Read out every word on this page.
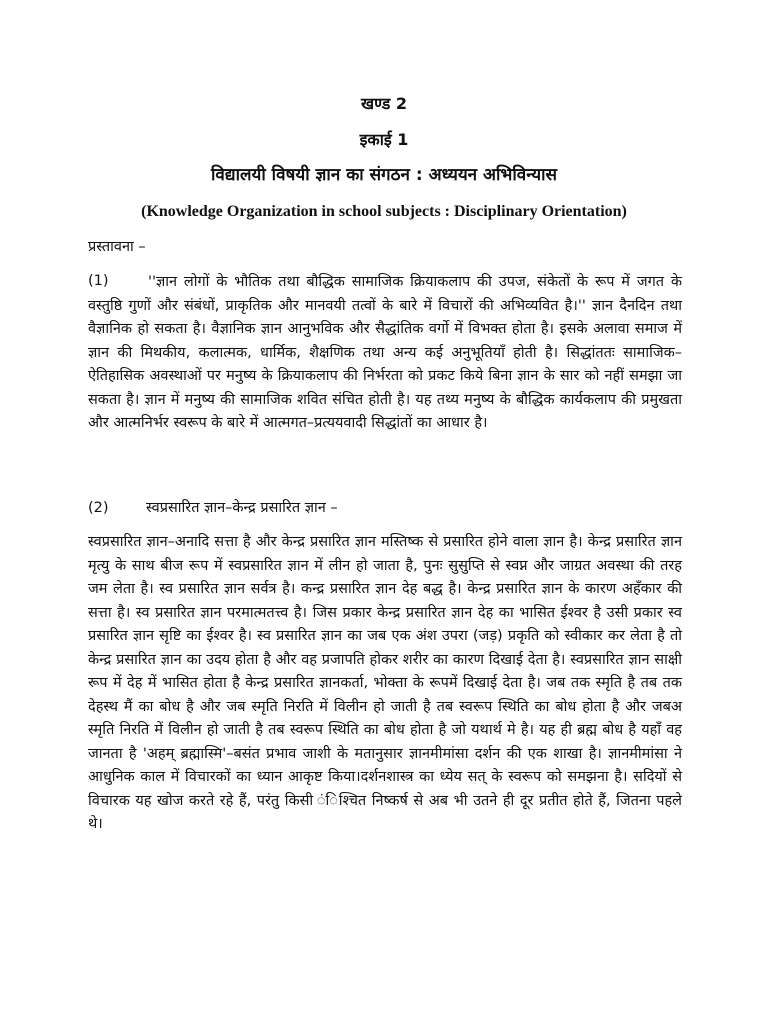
खण्ड 2

इकाई 1

विद्यालयी विषयी ज्ञान का संगठन : अध्ययन अभिविन्यास

(Knowledge Organization in school subjects : Disciplinary Orientation)

प्रस्तावना –

(1)	''ज्ञान लोगों के भौतिक तथा बौद्धिक सामाजिक क्रियाकलाप की उपज, संकेतों के रूप में जगत के वस्तुष्ठि गुणों और संबंधों, प्राकृतिक और मानवयी तत्वों के बारे में विचारों की अभिव्यवित है।'' ज्ञान दैनदिन तथा वैज्ञानिक हो सकता है। वैज्ञानिक ज्ञान आनुभविक और सैद्धांतिक वर्गो में विभक्त होता है। इसके अलावा समाज में ज्ञान की मिथकीय, कलात्मक, धार्मिक, शैक्षणिक तथा अन्य कई अनुभूतियाँ होती है। सिद्धांततः सामाजिक–ऐतिहासिक अवस्थाओं पर मनुष्य के क्रियाकलाप की निर्भरता को प्रकट किये बिना ज्ञान के सार को नहीं समझा जा सकता है। ज्ञान में मनुष्य की सामाजिक शवित संचित होती है। यह तथ्य मनुष्य के बौद्धिक कार्यकलाप की प्रमुखता और आत्मनिर्भर स्वरूप के बारे में आत्मगत–प्रत्ययवादी सिद्धांतों का आधार है।

(2)	स्वप्रसारित ज्ञान–केन्द्र प्रसारित ज्ञान –

स्वप्रसारित ज्ञान–अनादि सत्ता है और केन्द्र प्रसारित ज्ञान मस्तिष्क से प्रसारित होने वाला ज्ञान है। केन्द्र प्रसारित ज्ञान मृत्यु के साथ बीज रूप में स्वप्रसारित ज्ञान में लीन हो जाता है, पुनः सुसुप्ति से स्वप्न और जाग्रत अवस्था की तरह जम लेता है। स्व प्रसारित ज्ञान सर्वत्र है। कन्द्र प्रसारित ज्ञान देह बद्ध है। केन्द्र प्रसारित ज्ञान के कारण अहँकार की सत्ता है। स्व प्रसारित ज्ञान परमात्मतत्त्व है। जिस प्रकार केन्द्र प्रसारित ज्ञान देह का भासित ईश्वर है उसी प्रकार स्व प्रसारित ज्ञान सृष्टि का ईश्वर है। स्व प्रसारित ज्ञान का जब एक अंश उपरा (जड़) प्रकृति को स्वीकार कर लेता है तो केन्द्र प्रसारित ज्ञान का उदय होता है और वह प्रजापति होकर शरीर का कारण दिखाई देता है। स्वप्रसारित ज्ञान साक्षी रूप में देह में भासित होता है केन्द्र प्रसारित ज्ञानकर्ता, भोक्ता के रूपमें दिखाई देता है। जब तक स्मृति है तब तक देहस्थ मैं का बोध है और जब स्मृति निरति में विलीन हो जाती है तब स्वरूप स्थिति का बोध होता है और जबअ स्मृति निरति में विलीन हो जाती है तब स्वरूप स्थिति का बोध होता है जो यथार्थ मे है। यह ही ब्रह्म बोध है यहाँ वह जानता है 'अहम् ब्रह्मास्मि'–बसंत प्रभाव जाशी के मतानुसार ज्ञानमीमांसा दर्शन की एक शाखा है। ज्ञानमीमांसा ने आधुनिक काल में विचारकों का ध्यान आकृष्ट किया।दर्शनशास्त्र का ध्येय सत् के स्वरूप को समझना है। सदियों से विचारक यह खोज करते रहे हैं, परंतु किसी ंिश्चित निष्कर्ष से अब भी उतने ही दूर प्रतीत होते हैं, जितना पहले थे।
